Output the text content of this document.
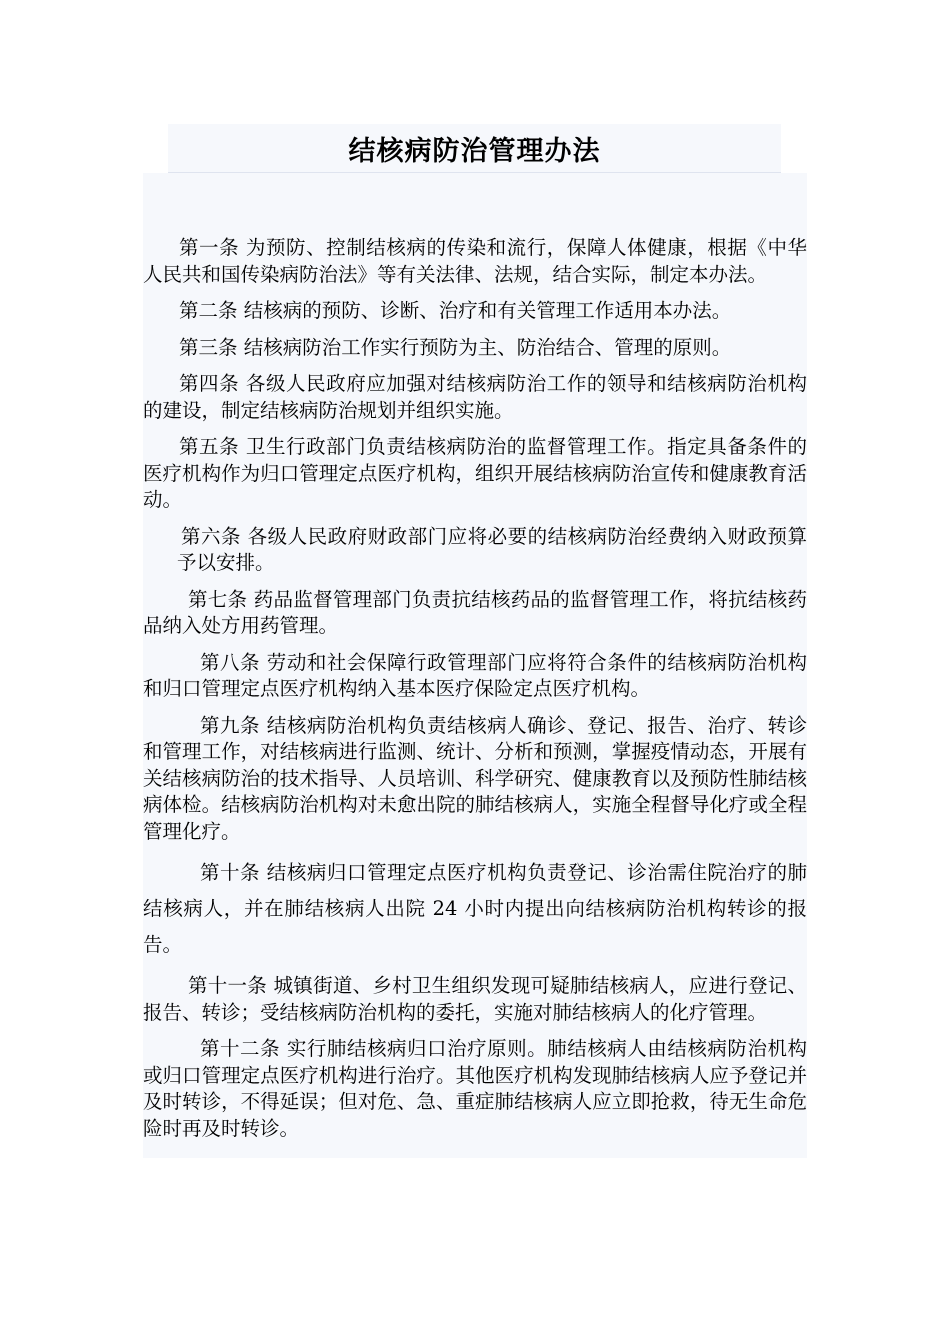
结核病防治管理办法

第一条 为预防、控制结核病的传染和流行，保障人体健康，根据《中华人民共和国传染病防治法》等有关法律、法规，结合实际，制定本办法。

第二条 结核病的预防、诊断、治疗和有关管理工作适用本办法。

第三条 结核病防治工作实行预防为主、防治结合、管理的原则。

第四条 各级人民政府应加强对结核病防治工作的领导和结核病防治机构的建设，制定结核病防治规划并组织实施。

第五条 卫生行政部门负责结核病防治的监督管理工作。指定具备条件的医疗机构作为归口管理定点医疗机构，组织开展结核病防治宣传和健康教育活动。

第六条 各级人民政府财政部门应将必要的结核病防治经费纳入财政预算予以安排。

第七条 药品监督管理部门负责抗结核药品的监督管理工作，将抗结核药品纳入处方用药管理。

第八条 劳动和社会保障行政管理部门应将符合条件的结核病防治机构和归口管理定点医疗机构纳入基本医疗保险定点医疗机构。

第九条 结核病防治机构负责结核病人确诊、登记、报告、治疗、转诊和管理工作，对结核病进行监测、统计、分析和预测，掌握疫情动态，开展有关结核病防治的技术指导、人员培训、科学研究、健康教育以及预防性肺结核病体检。结核病防治机构对未愈出院的肺结核病人，实施全程督导化疗或全程管理化疗。

第十条 结核病归口管理定点医疗机构负责登记、诊治需住院治疗的肺结核病人，并在肺结核病人出院 24 小时内提出向结核病防治机构转诊的报告。

第十一条 城镇街道、乡村卫生组织发现可疑肺结核病人，应进行登记、报告、转诊；受结核病防治机构的委托，实施对肺结核病人的化疗管理。

第十二条 实行肺结核病归口治疗原则。肺结核病人由结核病防治机构或归口管理定点医疗机构进行治疗。其他医疗机构发现肺结核病人应予登记并及时转诊，不得延误；但对危、急、重症肺结核病人应立即抢救，待无生命危险时再及时转诊。
